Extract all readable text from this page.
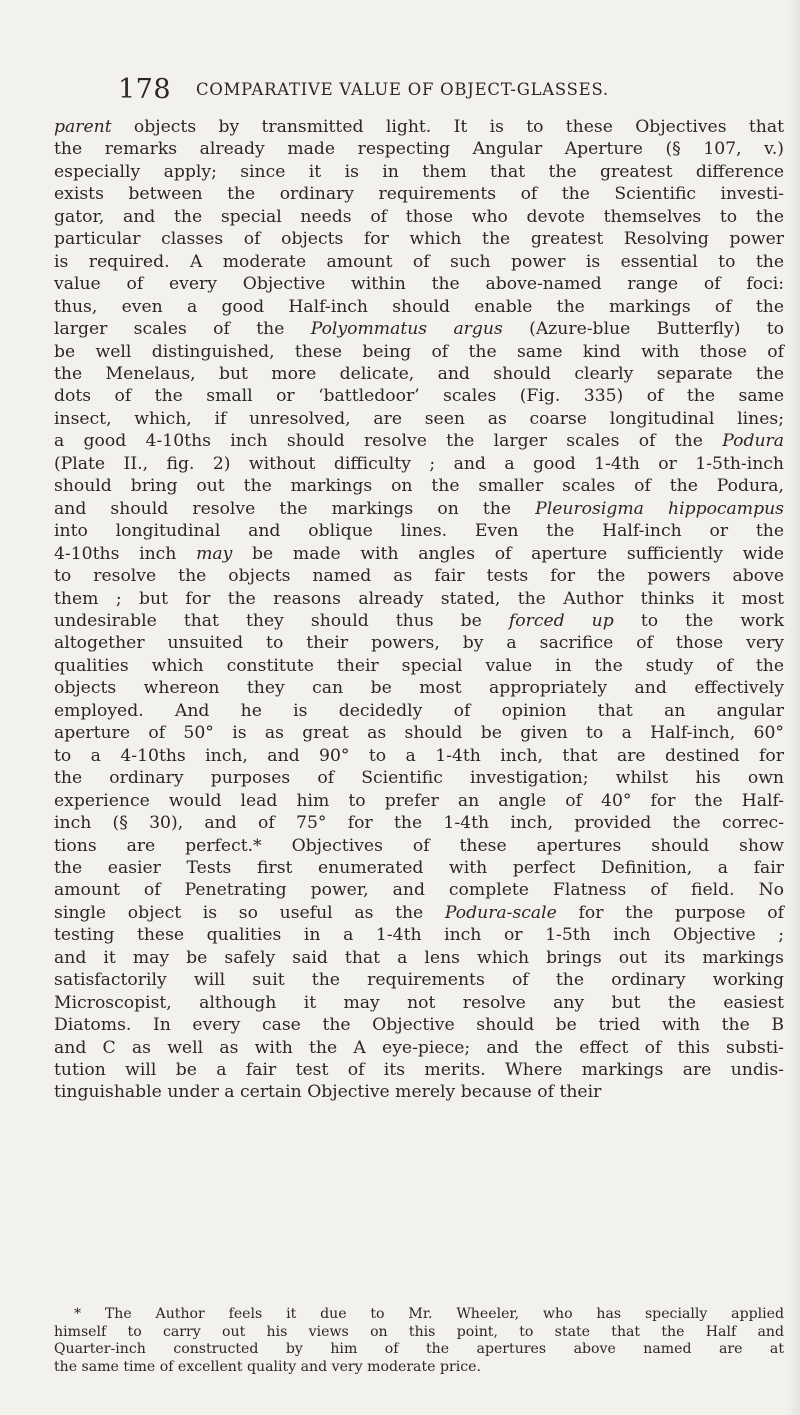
178 COMPARATIVE VALUE OF OBJECT-GLASSES.
parent objects by transmitted light. It is to these Objectives that
the remarks already made respecting Angular Aperture (§ 107, v.)
especially apply; since it is in them that the greatest difference
exists between the ordinary requirements of the Scientific investi-
gator, and the special needs of those who devote themselves to the
particular classes of objects for which the greatest Resolving power
is required. A moderate amount of such power is essential to the
value of every Objective within the above-named range of foci:
thus, even a good Half-inch should enable the markings of the
larger scales of the Polyommatus argus (Azure-blue Butterfly) to
be well distinguished, these being of the same kind with those of
the Menelaus, but more delicate, and should clearly separate the
dots of the small or ‘battledoor’ scales (Fig. 335) of the same
insect, which, if unresolved, are seen as coarse longitudinal lines;
a good 4-10ths inch should resolve the larger scales of the Podura
(Plate II., fig. 2) without difficulty ; and a good 1-4th or 1-5th-inch
should bring out the markings on the smaller scales of the Podura,
and should resolve the markings on the Pleurosigma hippocampus
into longitudinal and oblique lines. Even the Half-inch or the
4-10ths inch may be made with angles of aperture sufficiently wide
to resolve the objects named as fair tests for the powers above
them ; but for the reasons already stated, the Author thinks it most
undesirable that they should thus be forced up to the work
altogether unsuited to their powers, by a sacrifice of those very
qualities which constitute their special value in the study of the
objects whereon they can be most appropriately and effectively
employed. And he is decidedly of opinion that an angular
aperture of 50° is as great as should be given to a Half-inch, 60°
to a 4-10ths inch, and 90° to a 1-4th inch, that are destined for
the ordinary purposes of Scientific investigation; whilst his own
experience would lead him to prefer an angle of 40° for the Half-
inch (§ 30), and of 75° for the 1-4th inch, provided the correc-
tions are perfect.* Objectives of these apertures should show
the easier Tests first enumerated with perfect Definition, a fair
amount of Penetrating power, and complete Flatness of field. No
single object is so useful as the Podura-scale for the purpose of
testing these qualities in a 1-4th inch or 1-5th inch Objective ;
and it may be safely said that a lens which brings out its markings
satisfactorily will suit the requirements of the ordinary working
Microscopist, although it may not resolve any but the easiest
Diatoms. In every case the Objective should be tried with the B
and C as well as with the A eye-piece; and the effect of this substi-
tution will be a fair test of its merits. Where markings are undis-
tinguishable under a certain Objective merely because of their
* The Author feels it due to Mr. Wheeler, who has specially applied
himself to carry out his views on this point, to state that the Half and
Quarter-inch constructed by him of the apertures above named are at
the same time of excellent quality and very moderate price.
